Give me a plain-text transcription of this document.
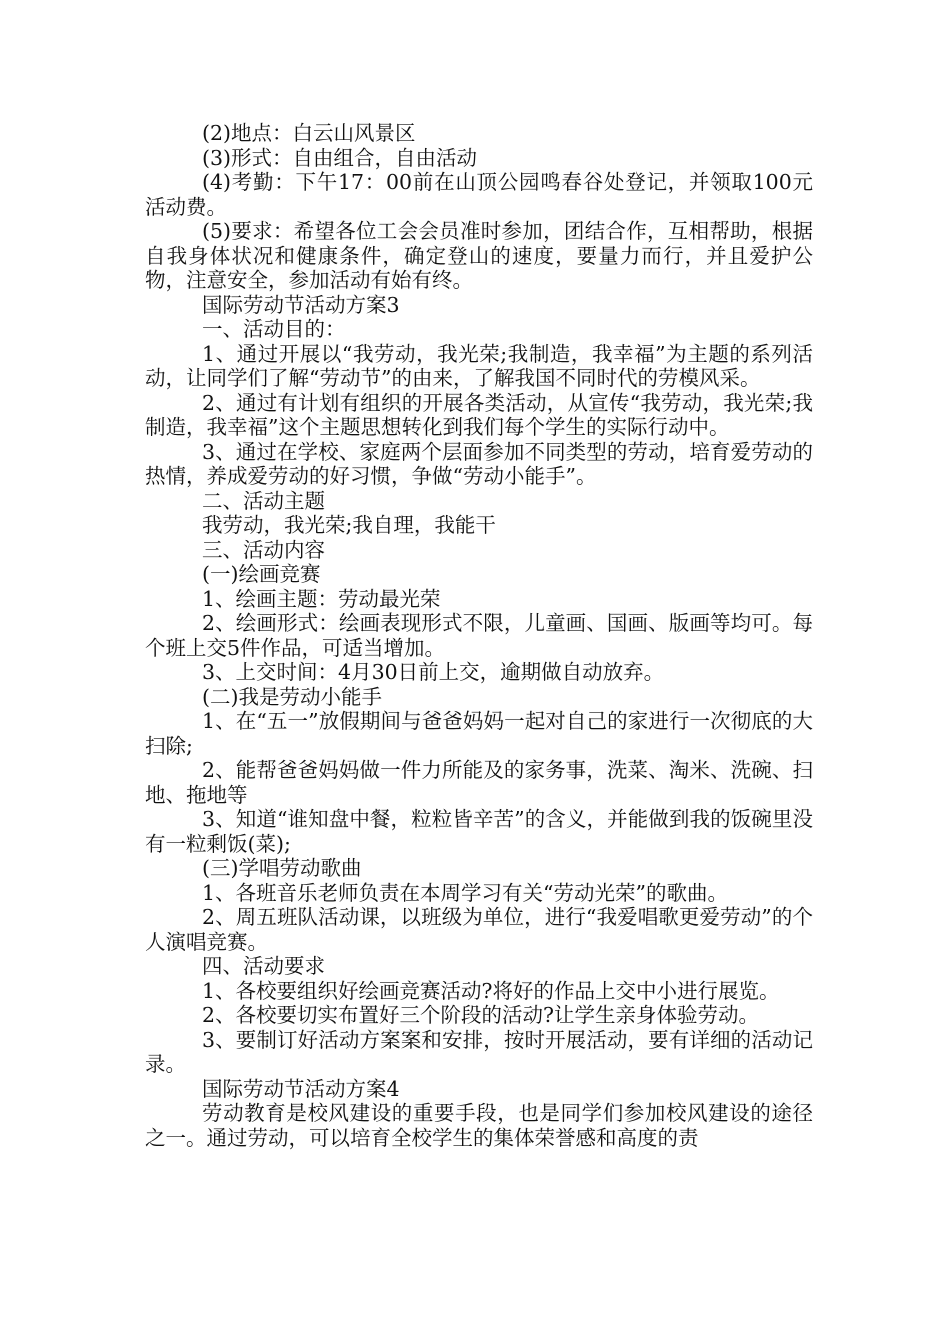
(2)地点：白云山风景区

(3)形式：自由组合，自由活动

(4)考勤：下午17：00前在山顶公园鸣春谷处登记，并领取100元活动费。

(5)要求：希望各位工会会员准时参加，团结合作，互相帮助，根据自我身体状况和健康条件，确定登山的速度，要量力而行，并且爱护公物，注意安全，参加活动有始有终。

国际劳动节活动方案3

一、活动目的：

1、通过开展以“我劳动，我光荣;我制造，我幸福”为主题的系列活动，让同学们了解“劳动节”的由来，了解我国不同时代的劳模风采。

2、通过有计划有组织的开展各类活动，从宣传“我劳动，我光荣;我制造，我幸福”这个主题思想转化到我们每个学生的实际行动中。

3、通过在学校、家庭两个层面参加不同类型的劳动，培育爱劳动的热情，养成爱劳动的好习惯，争做“劳动小能手”。

二、活动主题

我劳动，我光荣;我自理，我能干

三、活动内容

(一)绘画竞赛

1、绘画主题：劳动最光荣

2、绘画形式：绘画表现形式不限，儿童画、国画、版画等均可。每个班上交5件作品，可适当增加。

3、上交时间：4月30日前上交，逾期做自动放弃。

(二)我是劳动小能手

1、在“五一”放假期间与爸爸妈妈一起对自己的家进行一次彻底的大扫除;

2、能帮爸爸妈妈做一件力所能及的家务事，洗菜、淘米、洗碗、扫地、拖地等

3、知道“谁知盘中餐，粒粒皆辛苦”的含义，并能做到我的饭碗里没有一粒剩饭(菜);

(三)学唱劳动歌曲

1、各班音乐老师负责在本周学习有关“劳动光荣”的歌曲。

2、周五班队活动课，以班级为单位，进行“我爱唱歌更爱劳动”的个人演唱竞赛。

四、活动要求

1、各校要组织好绘画竞赛活动?将好的作品上交中小进行展览。

2、各校要切实布置好三个阶段的活动?让学生亲身体验劳动。

3、要制订好活动方案案和安排，按时开展活动，要有详细的活动记录。

国际劳动节活动方案4

劳动教育是校风建设的重要手段，也是同学们参加校风建设的途径之一。通过劳动，可以培育全校学生的集体荣誉感和高度的责
